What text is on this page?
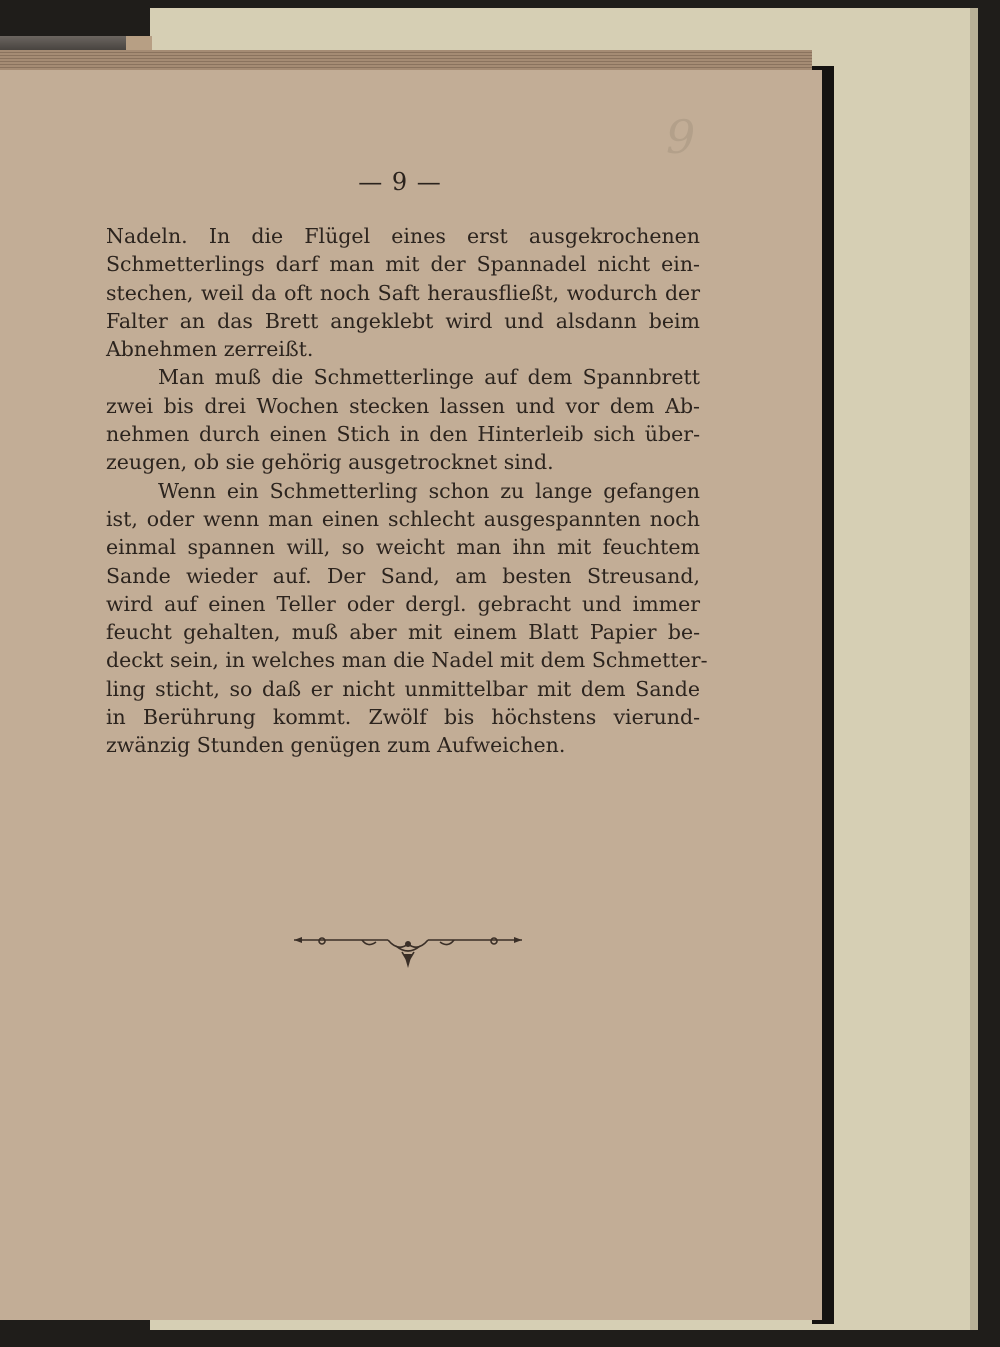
9
— 9 —

Nadeln. In die Flügel eines erst ausgekrochenen

Schmetterlings darf man mit der Spannadel nicht ein-

stechen, weil da oft noch Saft herausfließt, wodurch der

Falter an das Brett angeklebt wird und alsdann beim

Abnehmen zerreißt.

Man muß die Schmetterlinge auf dem Spannbrett

zwei bis drei Wochen stecken lassen und vor dem Ab-

nehmen durch einen Stich in den Hinterleib sich über-

zeugen, ob sie gehörig ausgetrocknet sind.

Wenn ein Schmetterling schon zu lange gefangen

ist, oder wenn man einen schlecht ausgespannten noch

einmal spannen will, so weicht man ihn mit feuchtem

Sande wieder auf. Der Sand, am besten Streusand,

wird auf einen Teller oder dergl. gebracht und immer

feucht gehalten, muß aber mit einem Blatt Papier be-

deckt sein, in welches man die Nadel mit dem Schmetter-

ling sticht, so daß er nicht unmittelbar mit dem Sande

in Berührung kommt. Zwölf bis höchstens vierund-

zwänzig Stunden genügen zum Aufweichen.
